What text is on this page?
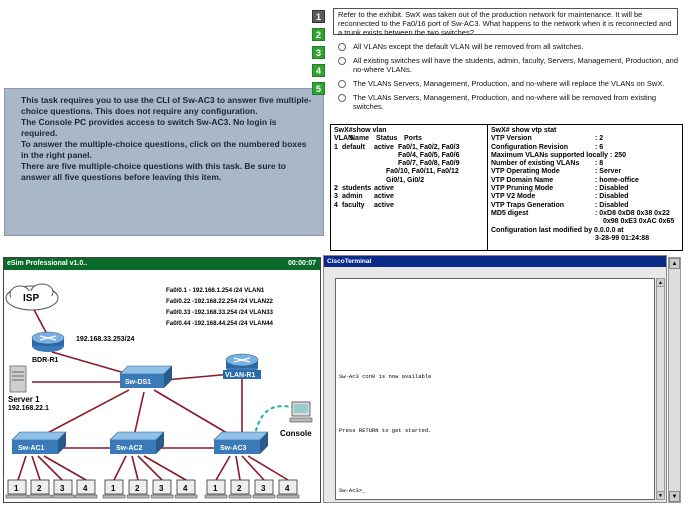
This task requires you to use the CLI of Sw-AC3 to answer five multiple-choice questions. This does not require any configuration.

The Console PC provides access to switch Sw-AC3. No login is required.

To answer the multiple-choice questions, click on the numbered boxes in the right panel.

There are five multiple-choice questions with this task. Be sure to answer all five questions before leaving this item.

1
2
3
4
5
Refer to the exhibit. SwX was taken out of the production network for maintenance. It will be reconnected to the Fa0/16 port of Sw-AC3. What happens to the network when it is reconnected and a trunk exists between the two switches?
All VLANs except the default VLAN will be removed from all switches.
All existing switches will have the students, admin, faculty, Servers, Management, Production, and no-where VLANs.
The VLANs Servers, Management, Production, and no-where will replace the VLANs on SwX.
The VLANs Servers, Management, Production, and no-where will be removed from existing switches.
SwX#show vlan
VLAN
Name Status Ports
1 default	active Fa0/1, Fa0/2, Fa0/3
Fa0/4, Fa0/5, Fa0/6
Fa0/7, Fa0/8, Fa0/9
Fa0/10, Fa0/11, Fa0/12
Gi0/1, Gi0/2
2 students active
3 admin	active
4 faculty	active
SwX# show vtp stat
VTP Version	: 2
Configuration Revision	: 6
Maximum VLANs supported locally
: 250
Number of existing VLANs	: 8
VTP Operating Mode	: Server
VTP Domain Name	: home-office
VTP Pruning Mode	: Disabled
VTP V2 Mode	: Disabled
VTP Traps Generation	: Disabled
MD5 digest	: 0xD8 0xD8 0x38 0x22
0x98 0xE3 0xAC 0x65
Configuration last modified by 0.0.0.0 at
3-28-99 01:24:88
eSim Professional v1.0..	00:00:07
ISP
192.168.33.253/24
BDR-R1
Fa0/0.1 - 192.168.1.254 /24 VLAN1
Fa0/0.22 -192.168.22.254 /24 VLAN22
Fa0/0.33 -192.168.33.254 /24 VLAN33
Fa0/0.44 -192.168.44.254 /24 VLAN44
VLAN-R1
Sw-DS1
Server 1
192.168.22.1
Sw-AC1	Sw-AC2	Sw-AC3
Console
1 2 3 4	1 2 3 4	1 2 3 4
CiscoTerminal
Sw-Ac3 con0 is now available
Press RETURN to get started.
Sw-Ac3>_
▲
▼
▲
▼
